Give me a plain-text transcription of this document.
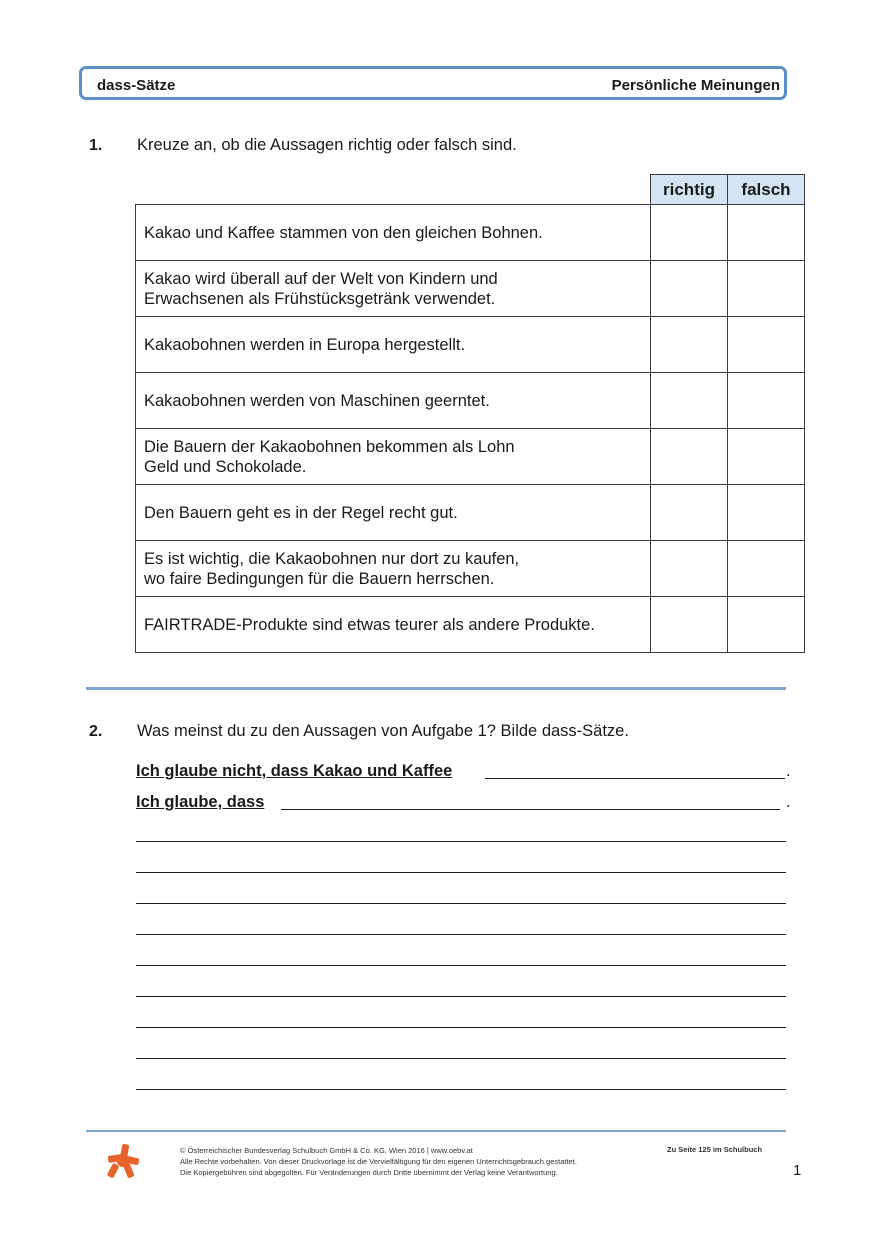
dass-Sätze	Persönliche Meinungen
1. Kreuze an, ob die Aussagen richtig oder falsch sind.
	richtig	falsch
Kakao und Kaffee stammen von den gleichen Bohnen.		
Kakao wird überall auf der Welt von Kindern und
Erwachsenen als Frühstücksgetränk verwendet.		
Kakaobohnen werden in Europa hergestellt.		
Kakaobohnen werden von Maschinen geerntet.		
Die Bauern der Kakaobohnen bekommen als Lohn
Geld und Schokolade.		
Den Bauern geht es in der Regel recht gut.		
Es ist wichtig, die Kakaobohnen nur dort zu kaufen,
wo faire Bedingungen für die Bauern herrschen.		
FAIRTRADE-Produkte sind etwas teurer als andere Produkte.		
2. Was meinst du zu den Aussagen von Aufgabe 1? Bilde dass-Sätze.
Ich glaube nicht, dass Kakao und Kaffee	.
Ich glaube, dass	.
© Österreichischer Bundesverlag Schulbuch GmbH & Co. KG, Wien 2016 | www.oebv.at
Alle Rechte vorbehalten. Von dieser Druckvorlage ist die Vervielfältigung für den eigenen Unterrichtsgebrauch gestattet.
Die Kopiergebühren sind abgegolten. Für Veränderungen durch Dritte übernimmt der Verlag keine Verantwortung.
Zu Seite 125 im Schulbuch
1
